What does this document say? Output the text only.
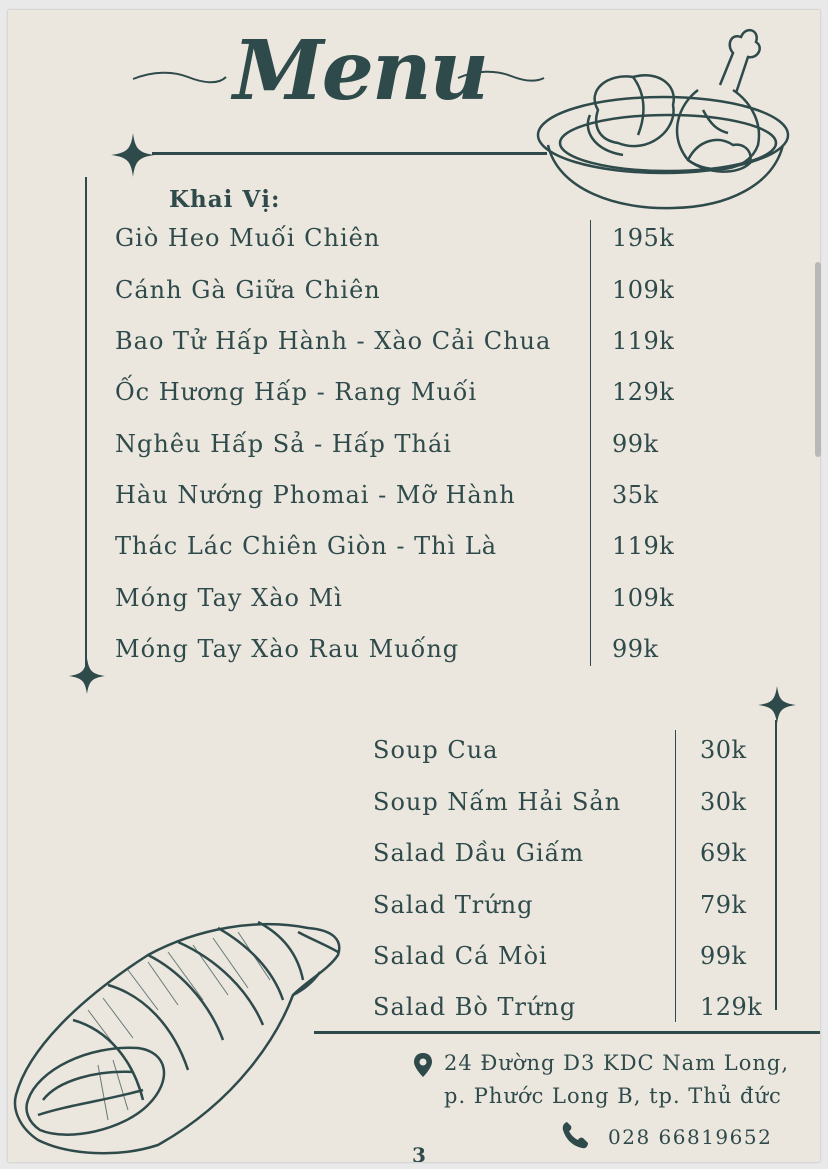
Menu
Khai Vị:
Giò Heo Muối Chiên	195k
Cánh Gà Giữa Chiên	109k
Bao Tử Hấp Hành - Xào Cải Chua	119k
Ốc Hương Hấp - Rang Muối	129k
Nghêu Hấp Sả - Hấp Thái	99k
Hàu Nướng Phomai - Mỡ Hành	35k
Thác Lác Chiên Giòn - Thì Là	119k
Móng Tay Xào Mì	109k
Móng Tay Xào Rau Muống	99k
Soup Cua	30k
Soup Nấm Hải Sản	30k
Salad Dầu Giấm	69k
Salad Trứng	79k
Salad Cá Mòi	99k
Salad Bò Trứng	129k
24 Đường D3 KDC Nam Long,
p. Phước Long B, tp. Thủ đức
028 66819652
3
